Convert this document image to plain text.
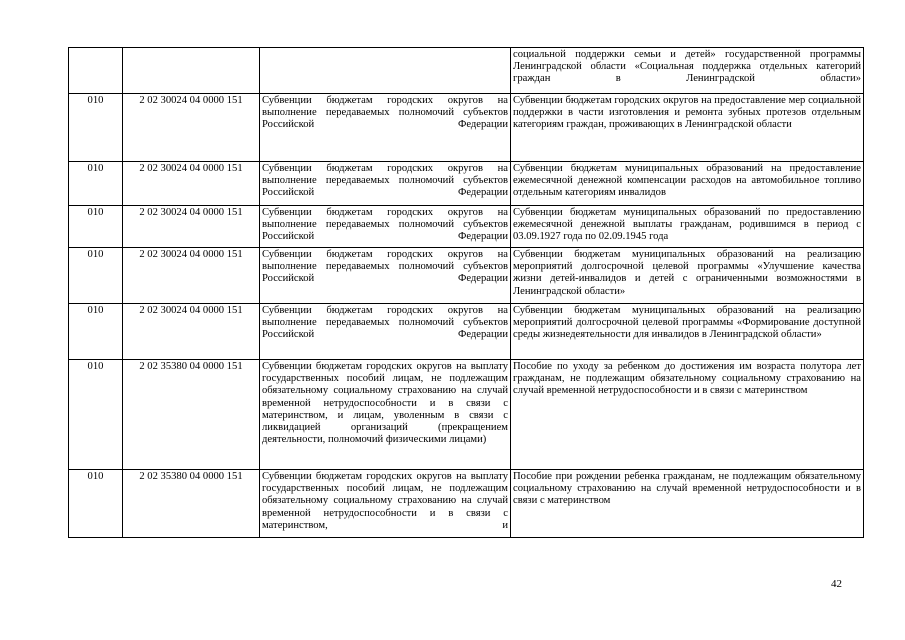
			социальной поддержки семьи и детей» государственной программы Ленинградской области «Социальная поддержка отдельных категорий граждан в Ленинградской области»
010	2 02 30024 04 0000 151	Субвенции бюджетам городских округов на выполнение передаваемых полномочий субъектов Российской Федерации	Субвенции бюджетам городских округов на предоставление мер социальной поддержки в части изготовления и ремонта зубных протезов отдельным категориям граждан, проживающих в Ленинградской области
010	2 02 30024 04 0000 151	Субвенции бюджетам городских округов на выполнение передаваемых полномочий субъектов Российской Федерации	Субвенции бюджетам муниципальных образований на предоставление ежемесячной денежной компенсации расходов на автомобильное топливо отдельным категориям инвалидов
010	2 02 30024 04 0000 151	Субвенции бюджетам городских округов на выполнение передаваемых полномочий субъектов Российской Федерации	Субвенции бюджетам муниципальных образований по предоставлению ежемесячной денежной выплаты гражданам, родившимся в период с 03.09.1927 года по 02.09.1945 года
010	2 02 30024 04 0000 151	Субвенции бюджетам городских округов на выполнение передаваемых полномочий субъектов Российской Федерации	Субвенции бюджетам муниципальных образований на реализацию мероприятий долгосрочной целевой программы «Улучшение качества жизни детей-инвалидов и детей с ограниченными возможностями в Ленинградской области»
010	2 02 30024 04 0000 151	Субвенции бюджетам городских округов на выполнение передаваемых полномочий субъектов Российской Федерации	Субвенции бюджетам муниципальных образований на реализацию мероприятий долгосрочной целевой программы «Формирование доступной среды жизнедеятельности для инвалидов в Ленинградской области»
010	2 02 35380 04 0000 151	Субвенции бюджетам городских округов на выплату государственных пособий лицам, не подлежащим обязательному социальному страхованию на случай временной нетрудоспособности и в связи с материнством, и лицам, уволенным в связи с ликвидацией организаций (прекращением деятельности, полномочий физическими лицами)	Пособие по уходу за ребенком до достижения им возраста полутора лет гражданам, не подлежащим обязательному социальному страхованию на случай временной нетрудоспособности и в связи с материнством
010	2 02 35380 04 0000 151	Субвенции бюджетам городских округов на выплату государственных пособий лицам, не подлежащим обязательному социальному страхованию на случай временной нетрудоспособности и в связи с материнством, и	Пособие при рождении ребенка гражданам, не подлежащим обязательному социальному страхованию на случай временной нетрудоспособности и в связи с материнством
42
